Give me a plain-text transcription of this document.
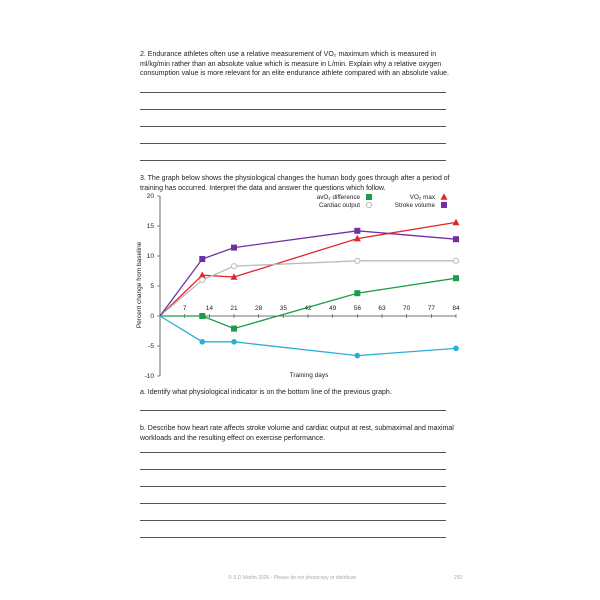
2. Endurance athletes often use a relative measurement of VO₂ maximum which is measured in ml/kg/min rather than an absolute value which is measure in L/min. Explain why a relative oxygen consumption value is more relevant for an elite endurance athlete compared with an absolute value.
3. The graph below shows the physiological changes the human body goes through after a period of training has occurred. Interpret the data and answer the questions which follow.
-10
-5
0
5
10
15
20
7	14	21	28	35	42	49	56	63	70	77	84
avO₂ difference	VO₂ max
Cardiac output	Stroke volume
Percent change from baseline
Training days
a. Identify what physiological indicator is on the bottom line of the previous graph.
b. Describe how heart rate affects stroke volume and cardiac output at rest, submaximal and maximal workloads and the resulting effect on exercise performance.
© S D Martin 2026 - Please do not photocopy or distribute	292
